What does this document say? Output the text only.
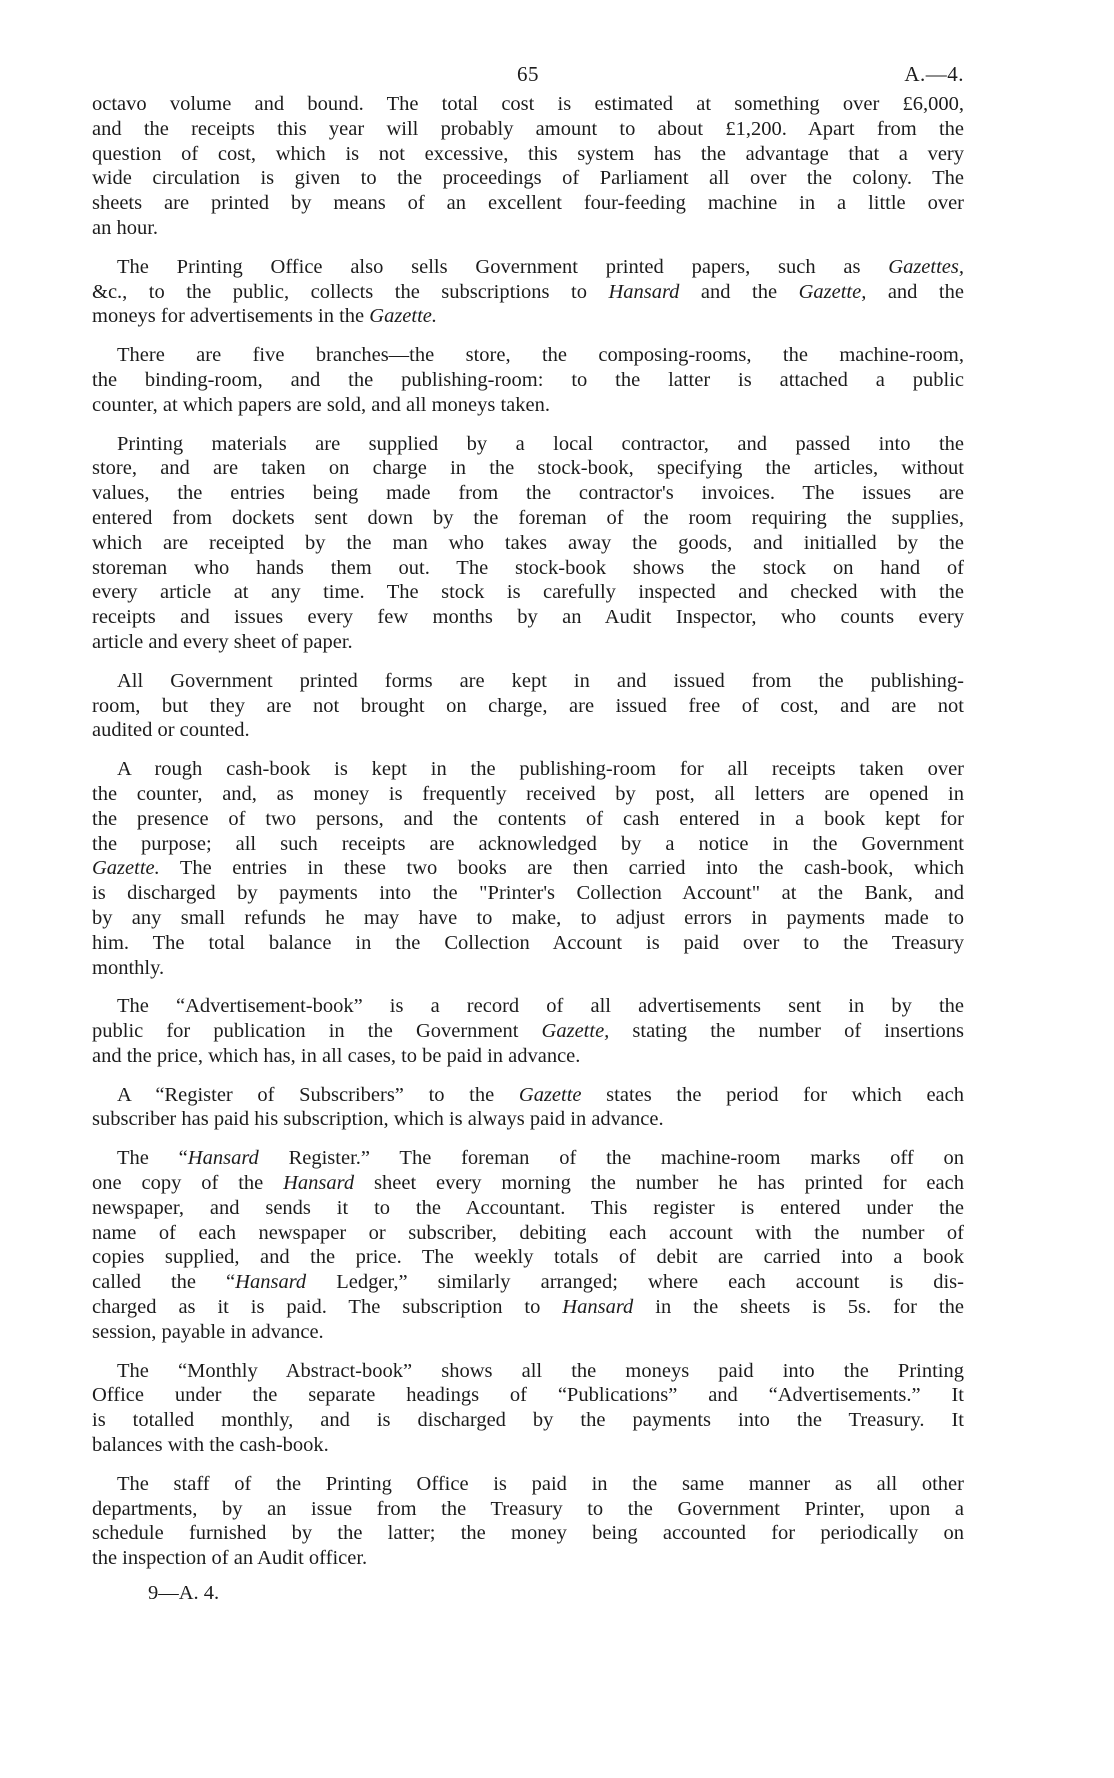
65	A.—4.

octavo volume and bound. The total cost is estimated at something over £6,000,
and the receipts this year will probably amount to about £1,200. Apart from the
question of cost, which is not excessive, this system has the advantage that a very
wide circulation is given to the proceedings of Parliament all over the colony. The
sheets are printed by means of an excellent four-feeding machine in a little over
an hour.

The Printing Office also sells Government printed papers, such as Gazettes,
&c., to the public, collects the subscriptions to Hansard and the Gazette, and the
moneys for advertisements in the Gazette.

There are five branches—the store, the composing-rooms, the machine-room,
the binding-room, and the publishing-room: to the latter is attached a public
counter, at which papers are sold, and all moneys taken.

Printing materials are supplied by a local contractor, and passed into the
store, and are taken on charge in the stock-book, specifying the articles, without
values, the entries being made from the contractor's invoices. The issues are
entered from dockets sent down by the foreman of the room requiring the supplies,
which are receipted by the man who takes away the goods, and initialled by the
storeman who hands them out. The stock-book shows the stock on hand of
every article at any time. The stock is carefully inspected and checked with the
receipts and issues every few months by an Audit Inspector, who counts every
article and every sheet of paper.

All Government printed forms are kept in and issued from the publishing-
room, but they are not brought on charge, are issued free of cost, and are not
audited or counted.

A rough cash-book is kept in the publishing-room for all receipts taken over
the counter, and, as money is frequently received by post, all letters are opened in
the presence of two persons, and the contents of cash entered in a book kept for
the purpose; all such receipts are acknowledged by a notice in the Government
Gazette. The entries in these two books are then carried into the cash-book, which
is discharged by payments into the "Printer's Collection Account" at the Bank, and
by any small refunds he may have to make, to adjust errors in payments made to
him. The total balance in the Collection Account is paid over to the Treasury
monthly.

The “Advertisement-book” is a record of all advertisements sent in by the
public for publication in the Government Gazette, stating the number of insertions
and the price, which has, in all cases, to be paid in advance.

A “Register of Subscribers” to the Gazette states the period for which each
subscriber has paid his subscription, which is always paid in advance.

The “Hansard Register.” The foreman of the machine-room marks off on
one copy of the Hansard sheet every morning the number he has printed for each
newspaper, and sends it to the Accountant. This register is entered under the
name of each newspaper or subscriber, debiting each account with the number of
copies supplied, and the price. The weekly totals of debit are carried into a book
called the “Hansard Ledger,” similarly arranged; where each account is dis-
charged as it is paid. The subscription to Hansard in the sheets is 5s. for the
session, payable in advance.

The “Monthly Abstract-book” shows all the moneys paid into the Printing
Office under the separate headings of “Publications” and “Advertisements.” It
is totalled monthly, and is discharged by the payments into the Treasury. It
balances with the cash-book.

The staff of the Printing Office is paid in the same manner as all other
departments, by an issue from the Treasury to the Government Printer, upon a
schedule furnished by the latter; the money being accounted for periodically on
the inspection of an Audit officer.

9—A. 4.
